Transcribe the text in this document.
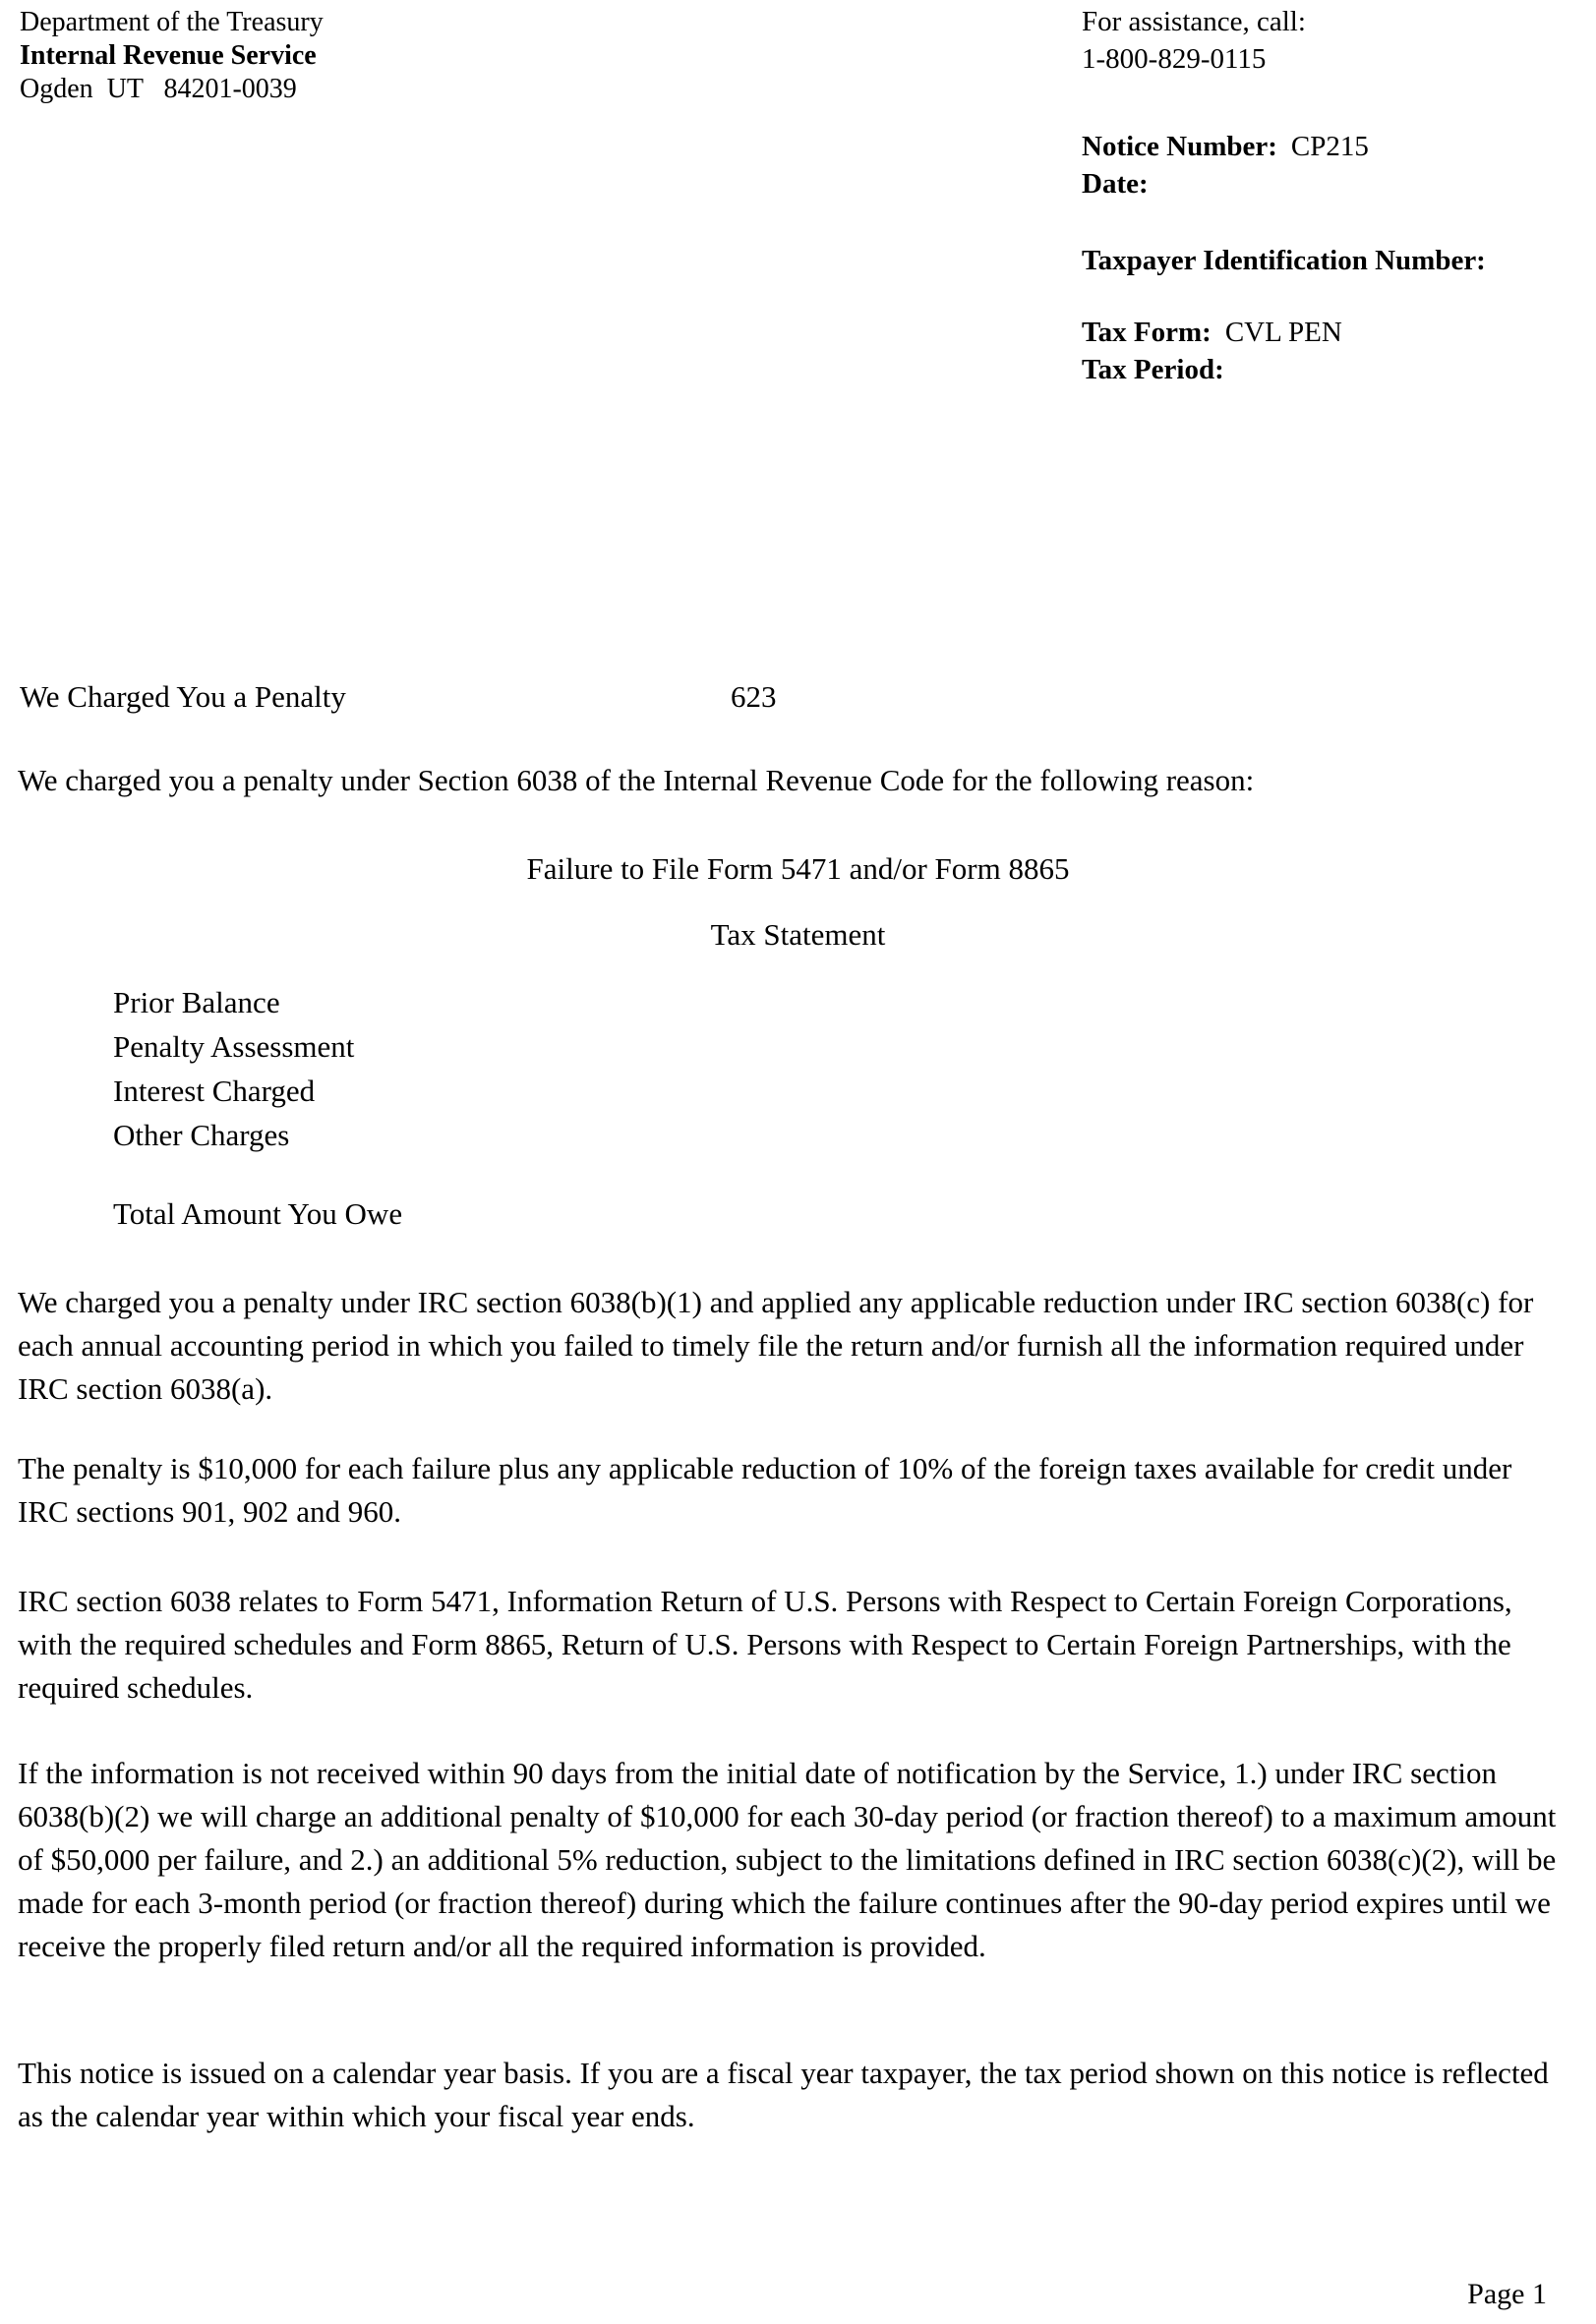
Department of the Treasury
Internal Revenue Service
Ogden  UT   84201-0039
For assistance, call:
1-800-829-0115
Notice Number: CP215
Date:
Taxpayer Identification Number:
Tax Form: CVL PEN
Tax Period:
We Charged You a Penalty	623
We charged you a penalty under Section 6038 of the Internal Revenue Code for the following reason:
Failure to File Form 5471 and/or Form 8865
Tax Statement
Prior Balance
Penalty Assessment
Interest Charged
Other Charges
Total Amount You Owe
We charged you a penalty under IRC section 6038(b)(1) and applied any applicable reduction under IRC section 6038(c) for each annual accounting period in which you failed to timely file the return and/or furnish all the information required under IRC section 6038(a).
The penalty is $10,000 for each failure plus any applicable reduction of 10% of the foreign taxes available for credit under IRC sections 901, 902 and 960.
IRC section 6038 relates to Form 5471, Information Return of U.S. Persons with Respect to Certain Foreign Corporations, with the required schedules and Form 8865, Return of U.S. Persons with Respect to Certain Foreign Partnerships, with the required schedules.
If the information is not received within 90 days from the initial date of notification by the Service, 1.) under IRC section 6038(b)(2) we will charge an additional penalty of $10,000 for each 30-day period (or fraction thereof) to a maximum amount of $50,000 per failure, and 2.) an additional 5% reduction, subject to the limitations defined in IRC section 6038(c)(2), will be made for each 3-month period (or fraction thereof) during which the failure continues after the 90-day period expires until we receive the properly filed return and/or all the required information is provided.
This notice is issued on a calendar year basis. If you are a fiscal year taxpayer, the tax period shown on this notice is reflected as the calendar year within which your fiscal year ends.
Page 1
